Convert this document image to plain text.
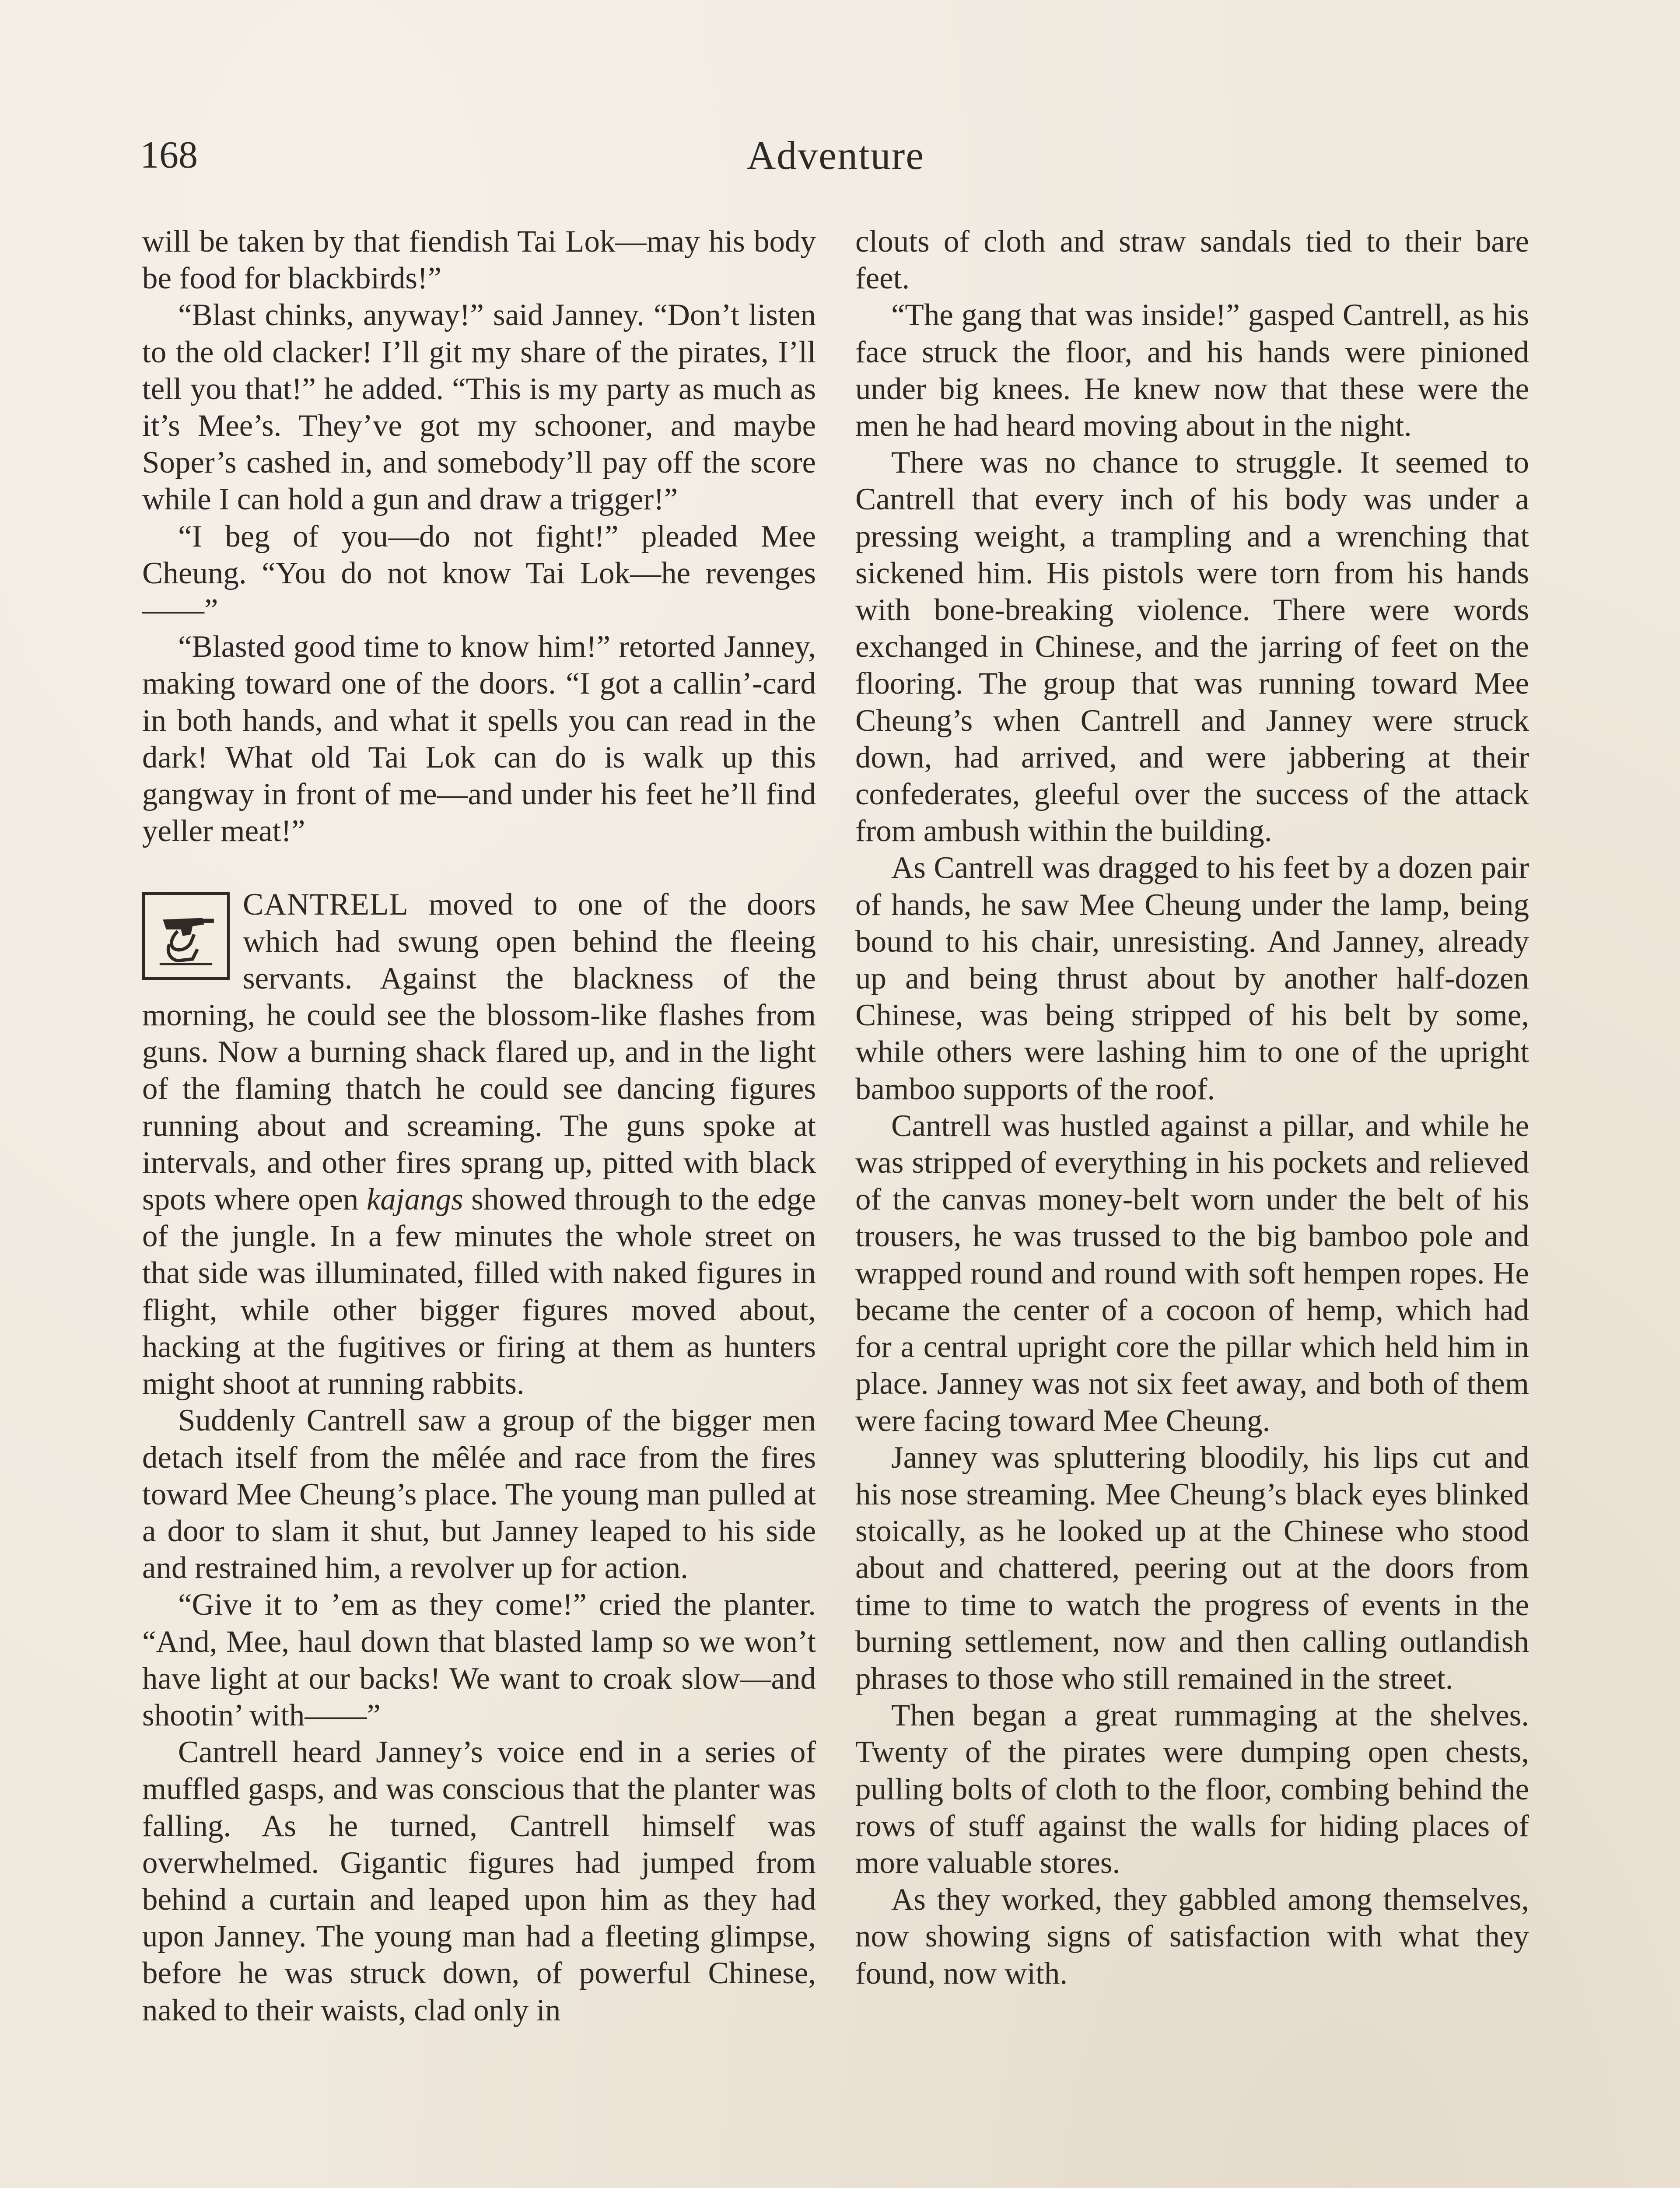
168	Adventure

will be taken by that fiendish Tai Lok—may his body be food for blackbirds!”

“Blast chinks, anyway!” said Janney. “Don’t listen to the old clacker! I’ll git my share of the pirates, I’ll tell you that!” he added. “This is my party as much as it’s Mee’s. They’ve got my schooner, and maybe Soper’s cashed in, and somebody’ll pay off the score while I can hold a gun and draw a trigger!”

“I beg of you—do not fight!” pleaded Mee Cheung. “You do not know Tai Lok—he revenges——”

“Blasted good time to know him!” retorted Janney, making toward one of the doors. “I got a callin’-card in both hands, and what it spells you can read in the dark! What old Tai Lok can do is walk up this gangway in front of me—and under his feet he’ll find yeller meat!”

CANTRELL moved to one of the doors which had swung open behind the fleeing servants. Against the blackness of the morning, he could see the blossom-like flashes from guns. Now a burning shack flared up, and in the light of the flaming thatch he could see dancing figures running about and screaming. The guns spoke at intervals, and other fires sprang up, pitted with black spots where open kajangs showed through to the edge of the jungle. In a few minutes the whole street on that side was illuminated, filled with naked figures in flight, while other bigger figures moved about, hacking at the fugitives or firing at them as hunters might shoot at running rabbits.

Suddenly Cantrell saw a group of the bigger men detach itself from the mêlée and race from the fires toward Mee Cheung’s place. The young man pulled at a door to slam it shut, but Janney leaped to his side and restrained him, a revolver up for action.

“Give it to ’em as they come!” cried the planter. “And, Mee, haul down that blasted lamp so we won’t have light at our backs! We want to croak slow—and shootin’ with——”

Cantrell heard Janney’s voice end in a series of muffled gasps, and was conscious that the planter was falling. As he turned, Cantrell himself was overwhelmed. Gigantic figures had jumped from behind a curtain and leaped upon him as they had upon Janney. The young man had a fleeting glimpse, before he was struck down, of powerful Chinese, naked to their waists, clad only in

clouts of cloth and straw sandals tied to their bare feet.

“The gang that was inside!” gasped Cantrell, as his face struck the floor, and his hands were pinioned under big knees. He knew now that these were the men he had heard moving about in the night.

There was no chance to struggle. It seemed to Cantrell that every inch of his body was under a pressing weight, a trampling and a wrenching that sickened him. His pistols were torn from his hands with bone-breaking violence. There were words exchanged in Chinese, and the jarring of feet on the flooring. The group that was running toward Mee Cheung’s when Cantrell and Janney were struck down, had arrived, and were jabbering at their confederates, gleeful over the success of the attack from ambush within the building.

As Cantrell was dragged to his feet by a dozen pair of hands, he saw Mee Cheung under the lamp, being bound to his chair, unresisting. And Janney, already up and being thrust about by another half-dozen Chinese, was being stripped of his belt by some, while others were lashing him to one of the upright bamboo supports of the roof.

Cantrell was hustled against a pillar, and while he was stripped of everything in his pockets and relieved of the canvas money-belt worn under the belt of his trousers, he was trussed to the big bamboo pole and wrapped round and round with soft hempen ropes. He became the center of a cocoon of hemp, which had for a central upright core the pillar which held him in place. Janney was not six feet away, and both of them were facing toward Mee Cheung.

Janney was spluttering bloodily, his lips cut and his nose streaming. Mee Cheung’s black eyes blinked stoically, as he looked up at the Chinese who stood about and chattered, peering out at the doors from time to time to watch the progress of events in the burning settlement, now and then calling outlandish phrases to those who still remained in the street.

Then began a great rummaging at the shelves. Twenty of the pirates were dumping open chests, pulling bolts of cloth to the floor, combing behind the rows of stuff against the walls for hiding places of more valuable stores.

As they worked, they gabbled among themselves, now showing signs of satisfaction with what they found, now with.
